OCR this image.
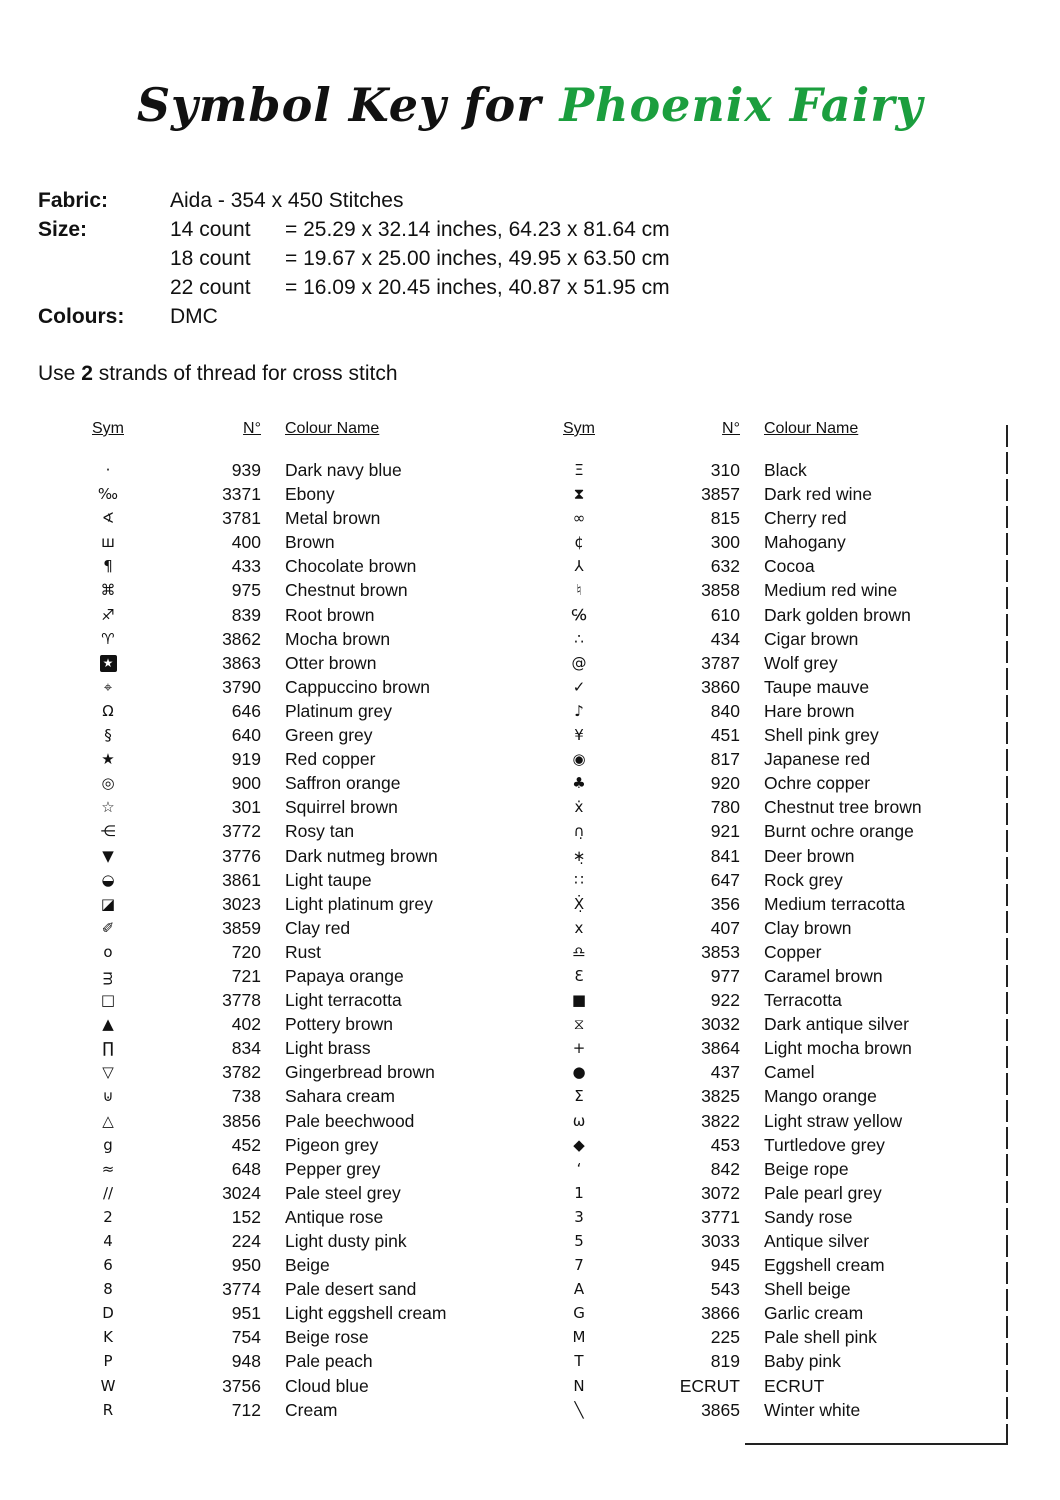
Symbol Key for Phoenix Fairy
Fabric:	Aida - 354 x 450 Stitches
Size:	14 count	= 25.29 x 32.14 inches, 64.23 x 81.64 cm
18 count	= 19.67 x 25.00 inches, 49.95 x 63.50 cm
22 count	= 16.09 x 20.45 inches, 40.87 x 51.95 cm
Colours:	DMC
Use 2 strands of thread for cross stitch
Sym	N°	Colour Name
·	939	Dark navy blue
‰	3371	Ebony
∢	3781	Metal brown
ш	400	Brown
¶	433	Chocolate brown
⌘	975	Chestnut brown
♐	839	Root brown
♈	3862	Mocha brown
★	3863	Otter brown
⌖	3790	Cappuccino brown
Ω	646	Platinum grey
§	640	Green grey
★	919	Red copper
◎	900	Saffron orange
☆	301	Squirrel brown
⋲	3772	Rosy tan
▼	3776	Dark nutmeg brown
◒	3861	Light taupe
◪	3023	Light platinum grey
✐	3859	Clay red
o	720	Rust
ᴟ	721	Papaya orange
□	3778	Light terracotta
▲	402	Pottery brown
∏	834	Light brass
▽	3782	Gingerbread brown
⊍	738	Sahara cream
△	3856	Pale beechwood
g	452	Pigeon grey
≈	648	Pepper grey
∕∕	3024	Pale steel grey
2	152	Antique rose
4	224	Light dusty pink
6	950	Beige
8	3774	Pale desert sand
D	951	Light eggshell cream
K	754	Beige rose
P	948	Pale peach
W	3756	Cloud blue
R	712	Cream
Sym	N°	Colour Name
Ξ	310	Black
⧗	3857	Dark red wine
∞	815	Cherry red
¢	300	Mahogany
⅄	632	Cocoa
♮	3858	Medium red wine
℅	610	Dark golden brown
∴	434	Cigar brown
@	3787	Wolf grey
✓	3860	Taupe mauve
♪	840	Hare brown
¥	451	Shell pink grey
◉	817	Japanese red
♣	920	Ochre copper
ẋ	780	Chestnut tree brown
∩̣	921	Burnt ochre orange
∗̣	841	Deer brown
∷	647	Rock grey
Ẋ̣	356	Medium terracotta
x	407	Clay brown
♎	3853	Copper
Ɛ	977	Caramel brown
■	922	Terracotta
⧖	3032	Dark antique silver
+	3864	Light mocha brown
●	437	Camel
Σ	3825	Mango orange
ω	3822	Light straw yellow
◆	453	Turtledove grey
‘	842	Beige rope
1	3072	Pale pearl grey
3	3771	Sandy rose
5	3033	Antique silver
7	945	Eggshell cream
A	543	Shell beige
G	3866	Garlic cream
M	225	Pale shell pink
T	819	Baby pink
N	ECRUT	ECRUT
╲	3865	Winter white
